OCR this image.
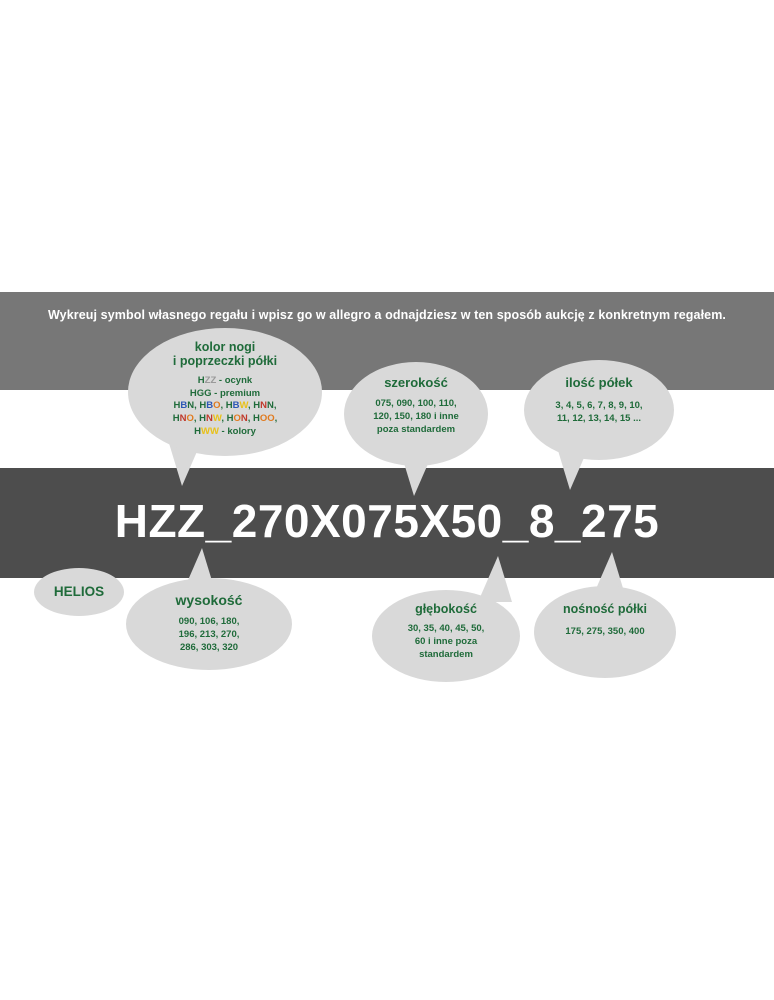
Wykreuj symbol własnego regału i wpisz go w allegro a odnajdziesz w ten sposób aukcję z konkretnym regałem.
HZZ_270X075X50_8_275
kolor nogi
i poprzeczki półki
HZZ - ocynk
HGG - premium
HBN, HBO, HBW, HNN,
HNO, HNW, HON, HOO,
HWW - kolory
szerokość
075, 090, 100, 110,
120, 150, 180 i inne
poza standardem
ilość półek
3, 4, 5, 6, 7, 8, 9, 10,
11, 12, 13, 14, 15 ...
HELIOS
wysokość
090, 106, 180,
196, 213, 270,
286, 303, 320
głębokość
30, 35, 40, 45, 50,
60 i inne poza
standardem
nośność półki
175, 275, 350, 400
